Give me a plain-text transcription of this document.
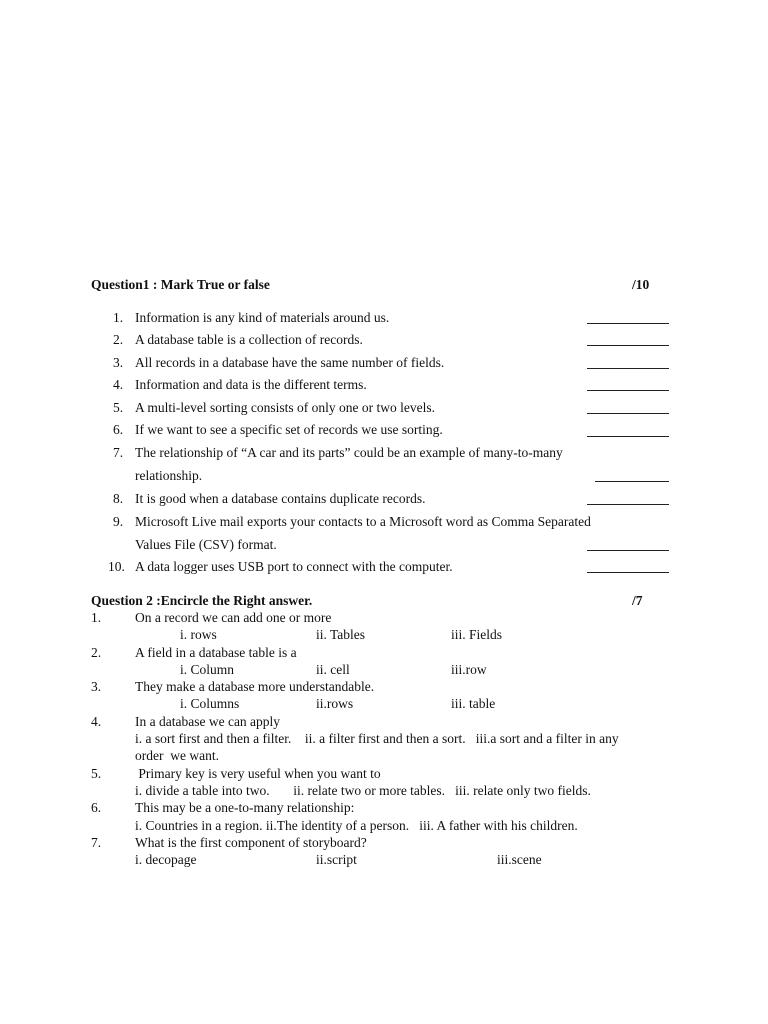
Question1 : Mark True or false	/10
1. Information is any kind of materials around us.
2. A database table is a collection of records.
3. All records in a database have the same number of fields.
4. Information and data is the different terms.
5. A multi-level sorting consists of only one or two levels.
6. If we want to see a specific set of records we use sorting.
7. The relationship of “A car and its parts” could be an example of many-to-many
relationship.
8. It is good when a database contains duplicate records.
9. Microsoft Live mail exports your contacts to a Microsoft word as Comma Separated
Values File (CSV) format.
10. A data logger uses USB port to connect with the computer.
Question 2 :Encircle the Right answer.	/7
1.	On a record we can add one or more
i. rows	ii. Tables	iii. Fields
2.	A field in a database table is a
i. Column	ii. cell	iii.row
3.	They make a database more understandable.
i. Columns	ii.rows	iii. table
4.	In a database we can apply
i. a sort first and then a filter.    ii. a filter first and then a sort.   iii.a sort and a filter in any
order  we want.
5.	Primary key is very useful when you want to
i. divide a table into two.       ii. relate two or more tables.   iii. relate only two fields.
6.	This may be a one-to-many relationship:
i. Countries in a region. ii.The identity of a person.   iii. A father with his children.
7.	What is the first component of storyboard?
i. decopage	ii.script	iii.scene
